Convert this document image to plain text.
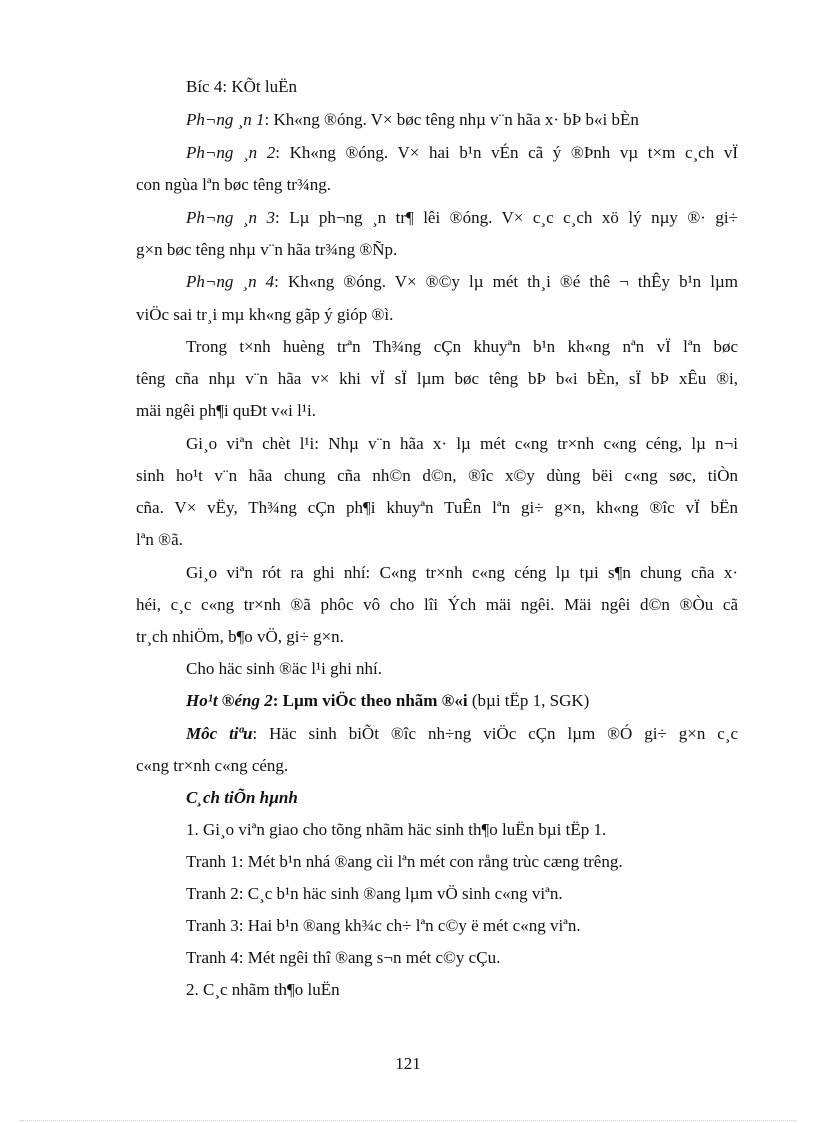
Bíc 4: KÕt luËn
Ph¬ng ¸n 1: Kh«ng ®óng. V× bøc têng nhµ v¨n hãa x· bÞ b«i bÈn
Ph¬ng ¸n 2: Kh«ng ®óng. V× hai b¹n vÉn cã ý ®Þnh vµ t×m c¸ch vÏ
con ngùa lªn bøc têng tr¾ng.
Ph¬ng ¸n 3: Lµ ph¬ng ¸n tr¶ lêi ®óng. V× c¸c c¸ch xö lý nµy ®· gi÷
g×n bøc têng nhµ v¨n hãa tr¾ng ®Ñp.
Ph¬ng ¸n 4: Kh«ng ®óng. V× ®©y lµ mét th¸i ®é thê ¬ thÊy b¹n lµm
viÖc sai tr¸i mµ kh«ng gãp ý gióp ®ì.
Trong t×nh huèng trªn Th¾ng cÇn khuyªn b¹n kh«ng nªn vÏ lªn bøc
têng cña nhµ v¨n hãa v× khi vÏ sÏ lµm bøc têng bÞ b«i bÈn, sÏ bÞ xÊu ®i,
mäi ngêi ph¶i quÐt v«i l¹i.
Gi¸o viªn chèt l¹i: Nhµ v¨n hãa x· lµ mét c«ng tr×nh c«ng céng, lµ n¬i
sinh ho¹t v¨n hãa chung cña nh©n d©n, ®îc x©y dùng bëi c«ng søc, tiÒn
cña. V× vËy, Th¾ng cÇn ph¶i khuyªn TuÊn lªn gi÷ g×n, kh«ng ®îc vÏ bËn
lªn ®ã.
Gi¸o viªn rót ra ghi nhí: C«ng tr×nh c«ng céng lµ tµi s¶n chung cña x·
héi, c¸c c«ng tr×nh ®ã phôc vô cho lîi Ých mäi ngêi. Mäi ngêi d©n ®Òu cã
tr¸ch nhiÖm, b¶o vÖ, gi÷ g×n.
Cho häc sinh ®äc l¹i ghi nhí.
Ho¹t ®éng 2: Lµm viÖc theo nhãm ®«i (bµi tËp 1, SGK)
Môc tiªu: Häc sinh biÕt ®îc nh÷ng viÖc cÇn lµm ®Ó gi÷ g×n c¸c
c«ng tr×nh c«ng céng.
C¸ch tiÕn hµnh
1. Gi¸o viªn giao cho tõng nhãm häc sinh th¶o luËn bµi tËp 1.
Tranh 1: Mét b¹n nhá ®ang cìi lªn mét con rång trùc cæng trêng.
Tranh 2: C¸c b¹n häc sinh ®ang lµm vÖ sinh c«ng viªn.
Tranh 3: Hai b¹n ®ang kh¾c ch÷ lªn c©y ë mét c«ng viªn.
Tranh 4: Mét ngêi thî ®ang s¬n mét c©y cÇu.
2. C¸c nhãm th¶o luËn
121
